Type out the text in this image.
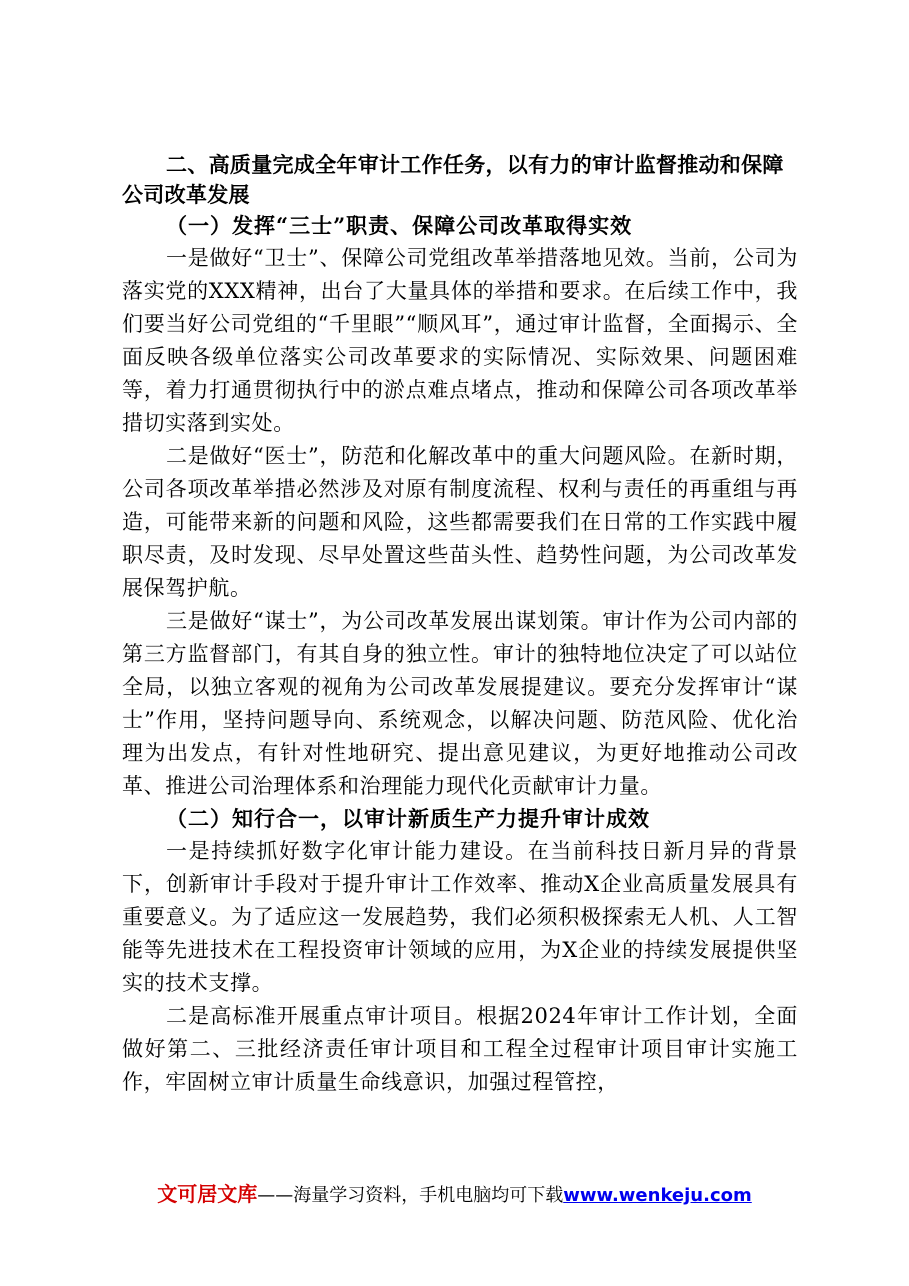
二、高质量完成全年审计工作任务，以有力的审计监督推动和保障公司改革发展

（一）发挥“三士”职责、保障公司改革取得实效

一是做好“卫士”、保障公司党组改革举措落地见效。当前，公司为落实党的XXX精神，出台了大量具体的举措和要求。在后续工作中，我们要当好公司党组的“千里眼”“顺风耳”，通过审计监督，全面揭示、全面反映各级单位落实公司改革要求的实际情况、实际效果、问题困难等，着力打通贯彻执行中的淤点难点堵点，推动和保障公司各项改革举措切实落到实处。

二是做好“医士”，防范和化解改革中的重大问题风险。在新时期，公司各项改革举措必然涉及对原有制度流程、权利与责任的再重组与再造，可能带来新的问题和风险，这些都需要我们在日常的工作实践中履职尽责，及时发现、尽早处置这些苗头性、趋势性问题，为公司改革发展保驾护航。

三是做好“谋士”，为公司改革发展出谋划策。审计作为公司内部的第三方监督部门，有其自身的独立性。审计的独特地位决定了可以站位全局，以独立客观的视角为公司改革发展提建议。要充分发挥审计“谋士”作用，坚持问题导向、系统观念，以解决问题、防范风险、优化治理为出发点，有针对性地研究、提出意见建议，为更好地推动公司改革、推进公司治理体系和治理能力现代化贡献审计力量。

（二）知行合一，以审计新质生产力提升审计成效

一是持续抓好数字化审计能力建设。在当前科技日新月异的背景下，创新审计手段对于提升审计工作效率、推动X企业高质量发展具有重要意义。为了适应这一发展趋势，我们必须积极探索无人机、人工智能等先进技术在工程投资审计领域的应用，为X企业的持续发展提供坚实的技术支撑。

二是高标准开展重点审计项目。根据2024年审计工作计划，全面做好第二、三批经济责任审计项目和工程全过程审计项目审计实施工作，牢固树立审计质量生命线意识，加强过程管控，

文可居文库——海量学习资料，手机电脑均可下载www.wenkeju.com
